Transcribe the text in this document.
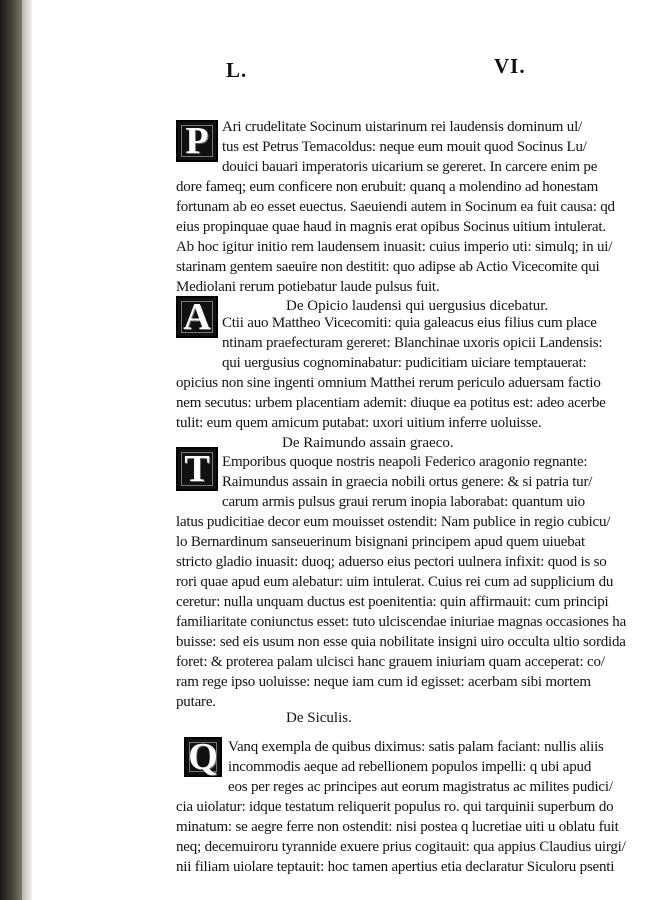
L.	VI.
P Ari crudelitate Socinum uistarinum rei laudensis dominum ul/
tus est Petrus Temacoldus: neque eum mouit quod Socinus Lu/
douici bauari imperatoris uicarium se gereret. In carcere enim pe
dore fameq; eum conficere non erubuit: quanq a molendino ad honestam
fortunam ab eo esset euectus. Saeuiendi autem in Socinum ea fuit causa: qd
eius propinquae quae haud in magnis erat opibus Socinus uitium intulerat.
Ab hoc igitur initio rem laudensem inuasit: cuius imperio uti: simulq; in ui/
starinam gentem saeuire non destitit: quo adipse ab Actio Vicecomite qui
Mediolani rerum potiebatur laude pulsus fuit.
De Opicio laudensi qui uergusius dicebatur.
A Ctii auo Mattheo Vicecomiti: quia galeacus eius filius cum place
ntinam praefecturam gereret: Blanchinae uxoris opicii Landensis:
qui uergusius cognominabatur: pudicitiam uiciare temptauerat:
opicius non sine ingenti omnium Matthei rerum periculo aduersam factio
nem secutus: urbem placentiam ademit: diuque ea potitus est: adeo acerbe
tulit: eum quem amicum putabat: uxori uitium inferre uoluisse.
De Raimundo assain graeco.
T Emporibus quoque nostris neapoli Federico aragonio regnante:
Raimundus assain in graecia nobili ortus genere: & si patria tur/
carum armis pulsus graui rerum inopia laborabat: quantum uio
latus pudicitiae decor eum mouisset ostendit: Nam publice in regio cubicu/
lo Bernardinum sanseuerinum bisignani principem apud quem uiuebat
stricto gladio inuasit: duoq; aduerso eius pectori uulnera infixit: quod is so
rori quae apud eum alebatur: uim intulerat. Cuius rei cum ad supplicium du
ceretur: nulla unquam ductus est poenitentia: quin affirmauit: cum principi
familiaritate coniunctus esset: tuto ulciscendae iniuriae magnas occasiones ha
buisse: sed eis usum non esse quia nobilitate insigni uiro occulta ultio sordida
foret: & proterea palam ulcisci hanc grauem iniuriam quam acceperat: co/
ram rege ipso uoluisse: neque iam cum id egisset: acerbam sibi mortem
putare.
De Siculis.
Q Vanq exempla de quibus diximus: satis palam faciant: nullis aliis
incommodis aeque ad rebellionem populos impelli: q ubi apud
eos per reges ac principes aut eorum magistratus ac milites pudici/
cia uiolatur: idque testatum reliquerit populus ro. qui tarquinii superbum do
minatum: se aegre ferre non ostendit: nisi postea q lucretiae uiti u oblatu fuit
neq; decemuiroru tyrannide exuere prius cogitauit: qua appius Claudius uirgi/
nii filiam uiolare teptauit: hoc tamen apertius etia declaratur Siculoru psenti
